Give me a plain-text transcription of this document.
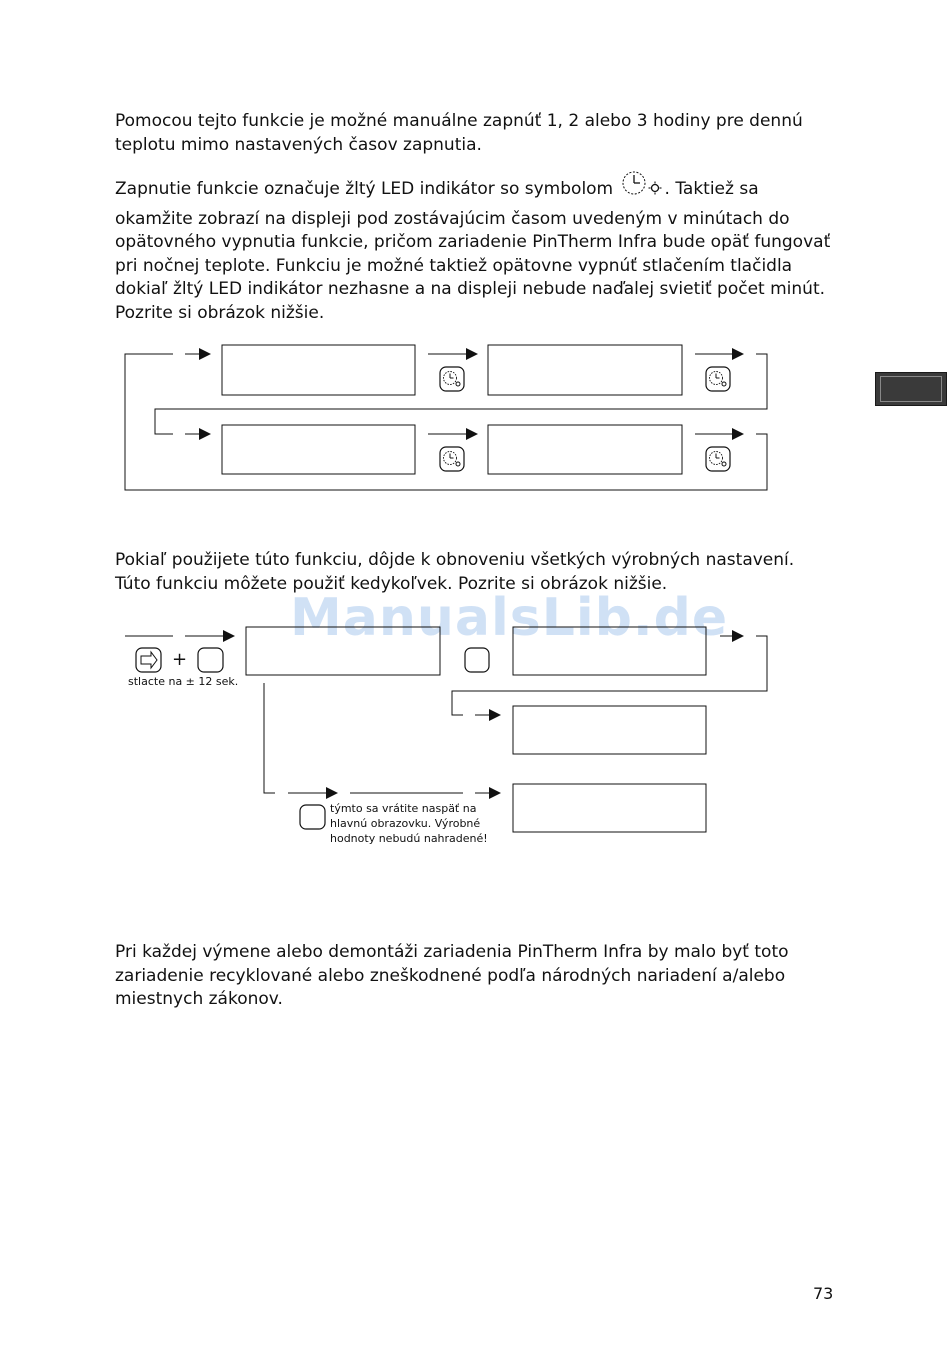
Pomocou tejto funkcie je možné manuálne zapnúť 1, 2 alebo 3 hodiny pre dennú teplotu mimo nastavených časov zapnutia.

Zapnutie funkcie označuje žltý LED indikátor so symbolom	. Taktiež sa okamžite zobrazí na displeji pod zostávajúcim časom uvedeným v minútach do opätovného vypnutia funkcie, pričom zariadenie PinTherm Infra bude opäť fungovať pri nočnej teplote. Funkciu je možné taktiež opätovne vypnúť stlačením tlačidla dokiaľ žltý LED indikátor nezhasne a na displeji nebude naďalej svietiť počet minút. Pozrite si obrázok nižšie.

Pokiaľ použijete túto funkciu, dôjde k obnoveniu všetkých výrobných nastavení. Túto funkciu môžete použiť kedykoľvek. Pozrite si obrázok nižšie.

ManualsLib.de
+
stlacte na ± 12 sek.
týmto sa vrátite naspäť na hlavnú obrazovku. Výrobné hodnoty nebudú nahradené!

Pri každej výmene alebo demontáži zariadenia PinTherm Infra by malo byť toto zariadenie recyklované alebo zneškodnené podľa národných nariadení a/alebo miestnych zákonov.

73
